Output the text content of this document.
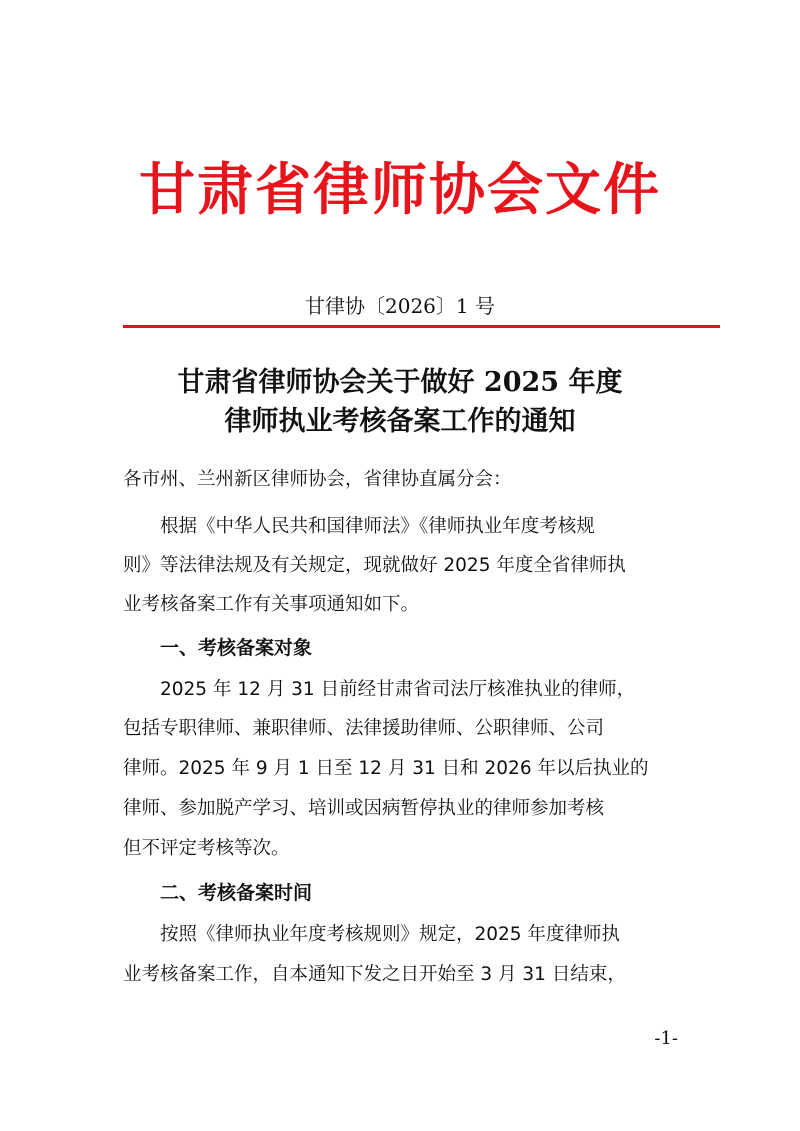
甘肃省律师协会文件
甘律协〔2026〕1 号
甘肃省律师协会关于做好 2025 年度
律师执业考核备案工作的通知
各市州、兰州新区律师协会，省律协直属分会：
根据《中华人民共和国律师法》《律师执业年度考核规
则》等法律法规及有关规定，现就做好 2025 年度全省律师执
业考核备案工作有关事项通知如下。
一、考核备案对象
2025 年 12 月 31 日前经甘肃省司法厅核准执业的律师，
包括专职律师、兼职律师、法律援助律师、公职律师、公司
律师。2025 年 9 月 1 日至 12 月 31 日和 2026 年以后执业的
律师、参加脱产学习、培训或因病暂停执业的律师参加考核
但不评定考核等次。
二、考核备案时间
按照《律师执业年度考核规则》规定，2025 年度律师执
业考核备案工作，自本通知下发之日开始至 3 月 31 日结束，
-1-
